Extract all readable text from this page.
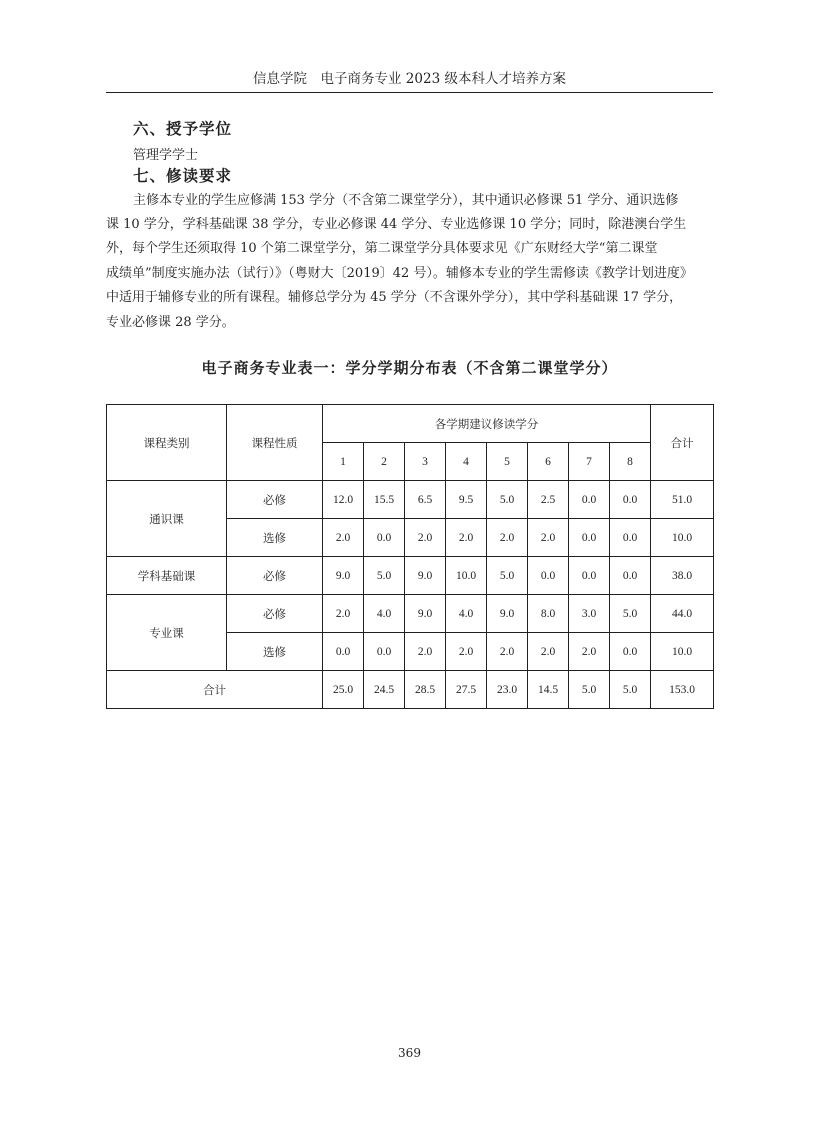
信息学院　电子商务专业 2023 级本科人才培养方案
六、授予学位
管理学学士
七、修读要求
主修本专业的学生应修满 153 学分（不含第二课堂学分），其中通识必修课 51 学分、通识选修
课 10 学分，学科基础课 38 学分，专业必修课 44 学分、专业选修课 10 学分；同时，除港澳台学生
外，每个学生还须取得 10 个第二课堂学分，第二课堂学分具体要求见《广东财经大学“第二课堂
成绩单”制度实施办法（试行）》（粤财大〔2019〕42 号）。辅修本专业的学生需修读《教学计划进度》
中适用于辅修专业的所有课程。辅修总学分为 45 学分（不含课外学分），其中学科基础课 17 学分，
专业必修课 28 学分。
电子商务专业表一：学分学期分布表（不含第二课堂学分）
课程类别	课程性质	各学期建议修读学分								合计
		1	2	3	4	5	6	7	8	
通识课	必修	12.0	15.5	6.5	9.5	5.0	2.5	0.0	0.0	51.0
	选修	2.0	0.0	2.0	2.0	2.0	2.0	0.0	0.0	10.0
学科基础课	必修	9.0	5.0	9.0	10.0	5.0	0.0	0.0	0.0	38.0
专业课	必修	2.0	4.0	9.0	4.0	9.0	8.0	3.0	5.0	44.0
	选修	0.0	0.0	2.0	2.0	2.0	2.0	2.0	0.0	10.0
合计		25.0	24.5	28.5	27.5	23.0	14.5	5.0	5.0	153.0
369
